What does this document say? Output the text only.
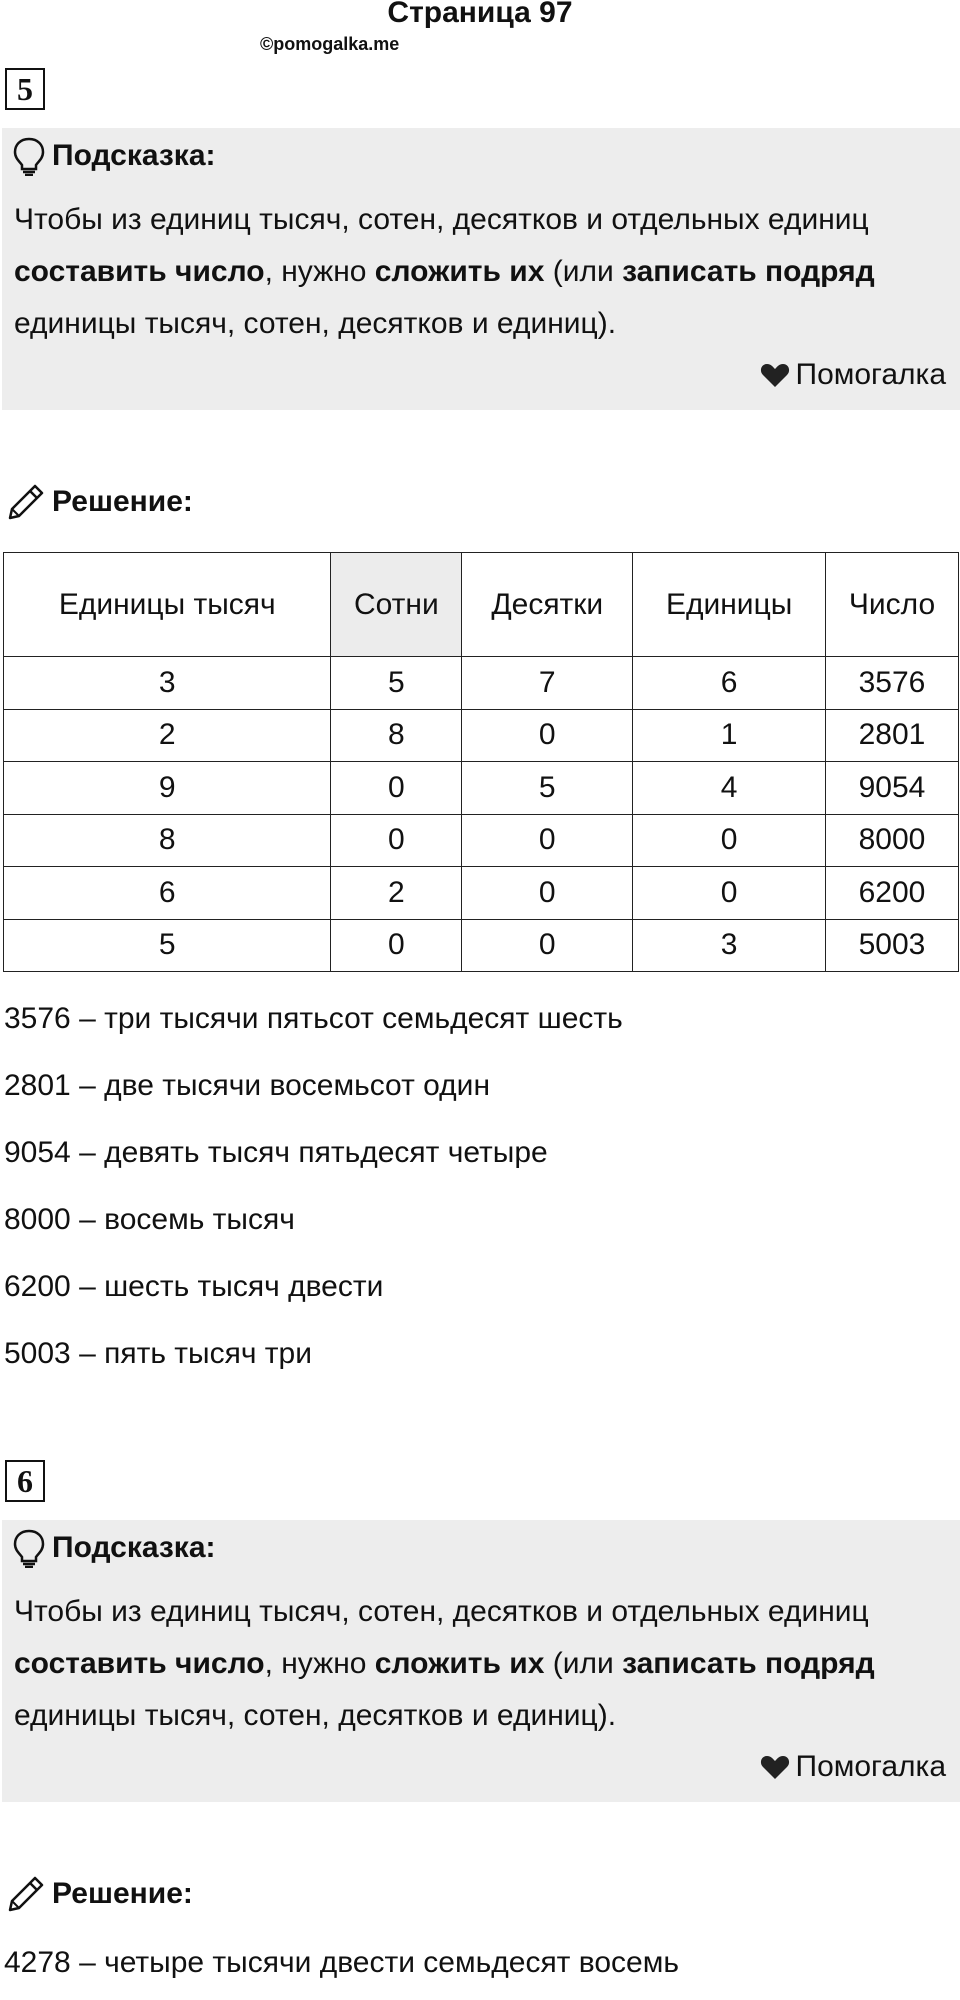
Страница 97
©pomogalka.me
5
Подсказка:
Чтобы из единиц тысяч, сотен, десятков и отдельных единиц составить число, нужно сложить их (или записать подряд единицы тысяч, сотен, десятков и единиц).
Помогалка
Решение:
Единицы тысяч	Сотни	Десятки	Единицы	Число
3	5	7	6	3576
2	8	0	1	2801
9	0	5	4	9054
8	0	0	0	8000
6	2	0	0	6200
5	0	0	3	5003
3576 – три тысячи пятьсот семьдесят шесть
2801 – две тысячи восемьсот один
9054 – девять тысяч пятьдесят четыре
8000 – восемь тысяч
6200 – шесть тысяч двести
5003 – пять тысяч три
6
Подсказка:
Чтобы из единиц тысяч, сотен, десятков и отдельных единиц составить число, нужно сложить их (или записать подряд единицы тысяч, сотен, десятков и единиц).
Помогалка
Решение:
4278 – четыре тысячи двести семьдесят восемь
